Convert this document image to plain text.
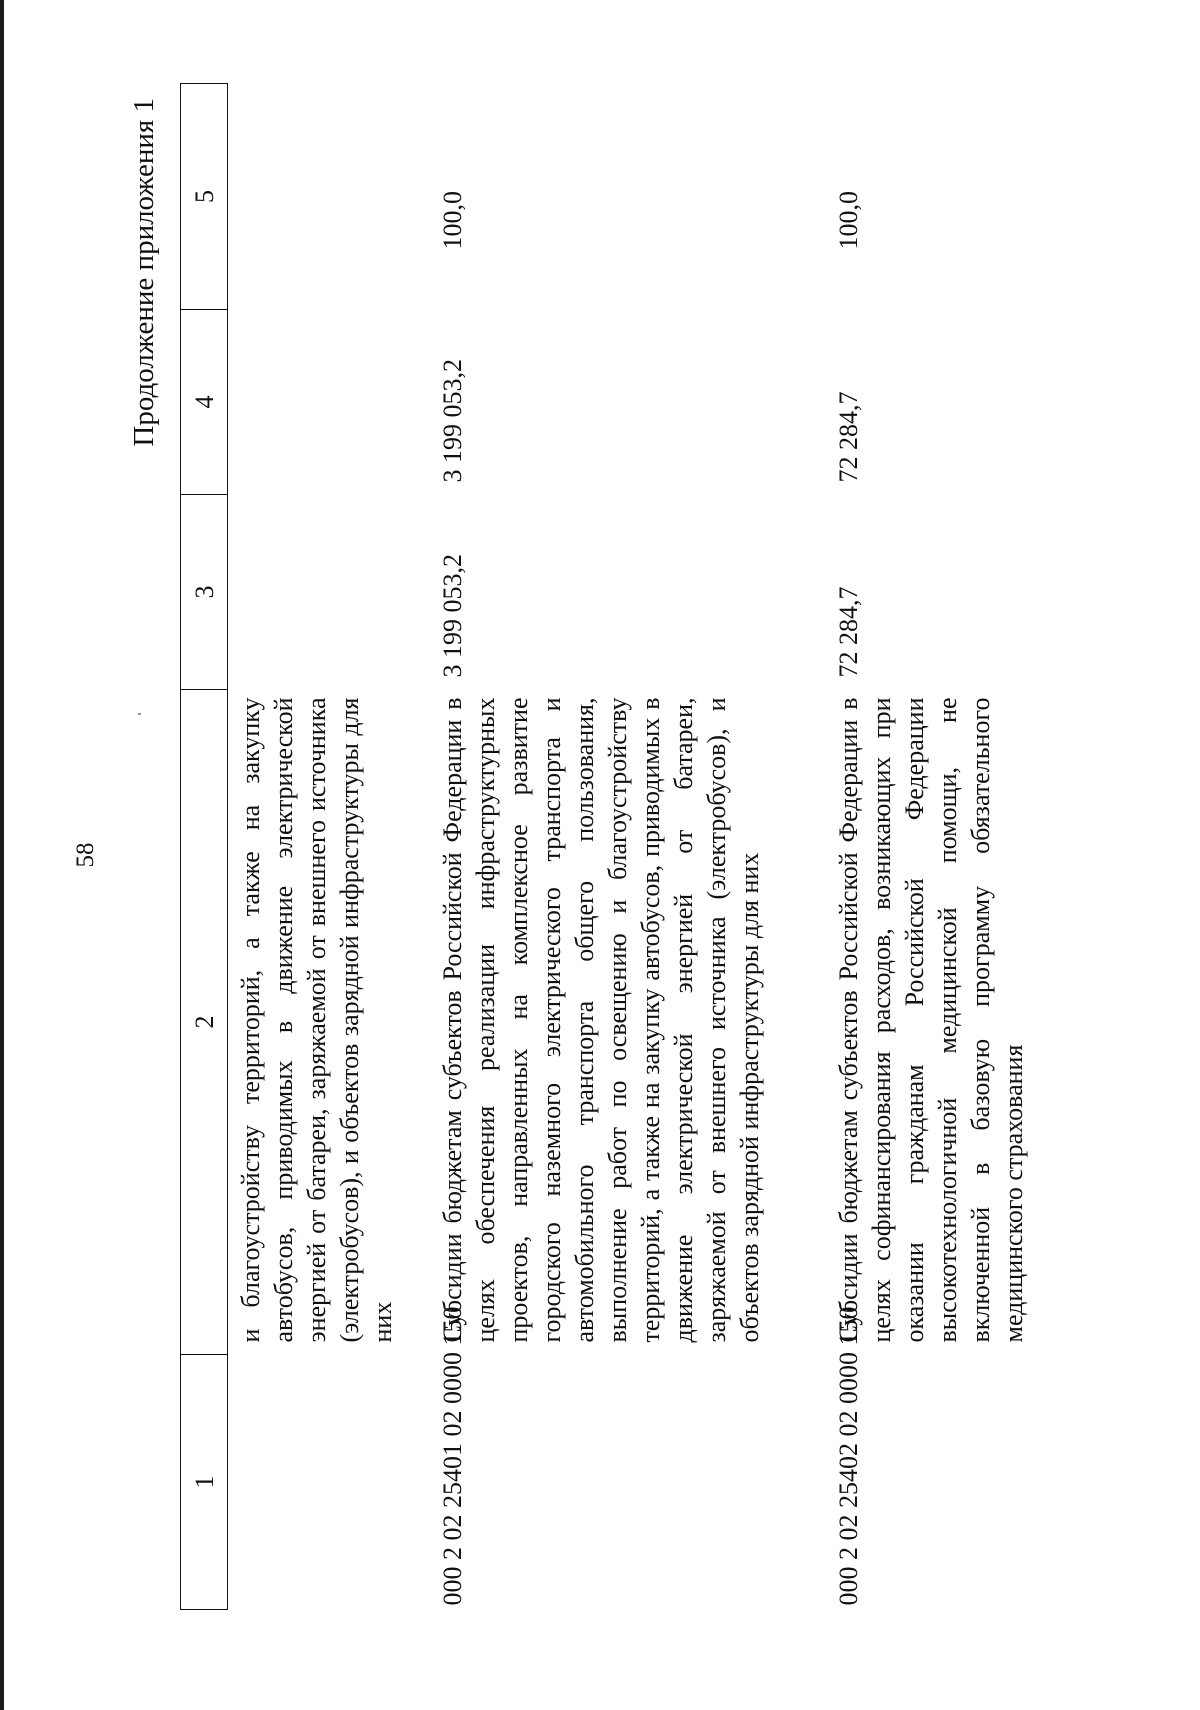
58
Продолжение приложения 1
1	2	3	4	5
	и благоустройству территорий, а также на закупку автобусов, приводимых в движение электрической энергией от батареи, заряжаемой от внешнего источника (электробусов), и объектов зарядной инфраструктуры для них			
000 2 02 25401 02 0000 150	Субсидии бюджетам субъектов Российской Федерации в целях обеспечения реализации инфраструктурных проектов, направленных на комплексное развитие городского наземного электрического транспорта и автомобильного транспорта общего пользования, выполнение работ по освещению и благоустройству территорий, а также на закупку автобусов, приводимых в движение электрической энергией от батареи, заряжаемой от внешнего источника (электробусов), и объектов зарядной инфраструктуры для них	3 199 053,2	3 199 053,2	100,0
000 2 02 25402 02 0000 150	Субсидии бюджетам субъектов Российской Федерации в целях софинансирования расходов, возникающих при оказании гражданам Российской Федерации высокотехнологичной медицинской помощи, не включенной в базовую программу обязательного медицинского страхования	72 284,7	72 284,7	100,0
